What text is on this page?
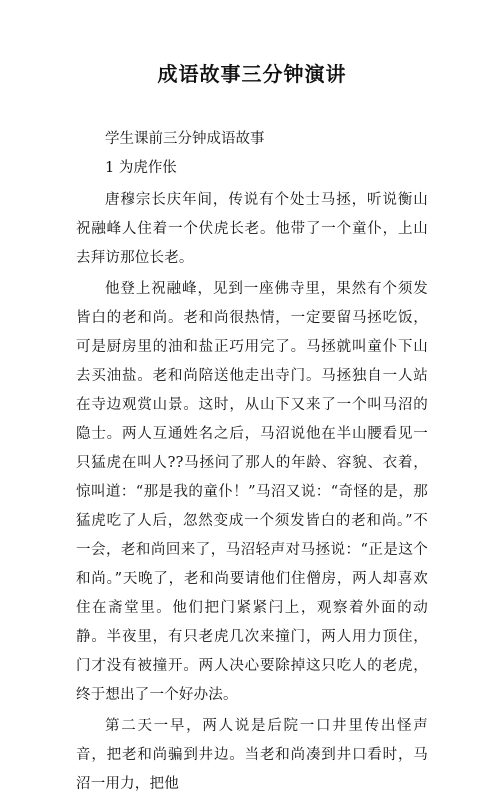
成语故事三分钟演讲

学生课前三分钟成语故事

1 为虎作伥

唐穆宗长庆年间，传说有个处士马拯，听说衡山祝融峰人住着一个伏虎长老。他带了一个童仆，上山去拜访那位长老。

他登上祝融峰，见到一座佛寺里，果然有个须发皆白的老和尚。老和尚很热情，一定要留马拯吃饭，可是厨房里的油和盐正巧用完了。马拯就叫童仆下山去买油盐。老和尚陪送他走出寺门。马拯独自一人站在寺边观赏山景。这时，从山下又来了一个叫马沼的隐士。两人互通姓名之后，马沼说他在半山腰看见一只猛虎在叫人??马拯问了那人的年龄、容貌、衣着，惊叫道：“那是我的童仆！”马沼又说：“奇怪的是，那猛虎吃了人后，忽然变成一个须发皆白的老和尚。”不一会，老和尚回来了，马沼轻声对马拯说：“正是这个和尚。”天晚了，老和尚要请他们住僧房，两人却喜欢住在斋堂里。他们把门紧紧闩上，观察着外面的动静。半夜里，有只老虎几次来撞门，两人用力顶住，门才没有被撞开。两人决心要除掉这只吃人的老虎，终于想出了一个好办法。

第二天一早，两人说是后院一口井里传出怪声音，把老和尚骗到井边。当老和尚凑到井口看时，马沼一用力，把他
